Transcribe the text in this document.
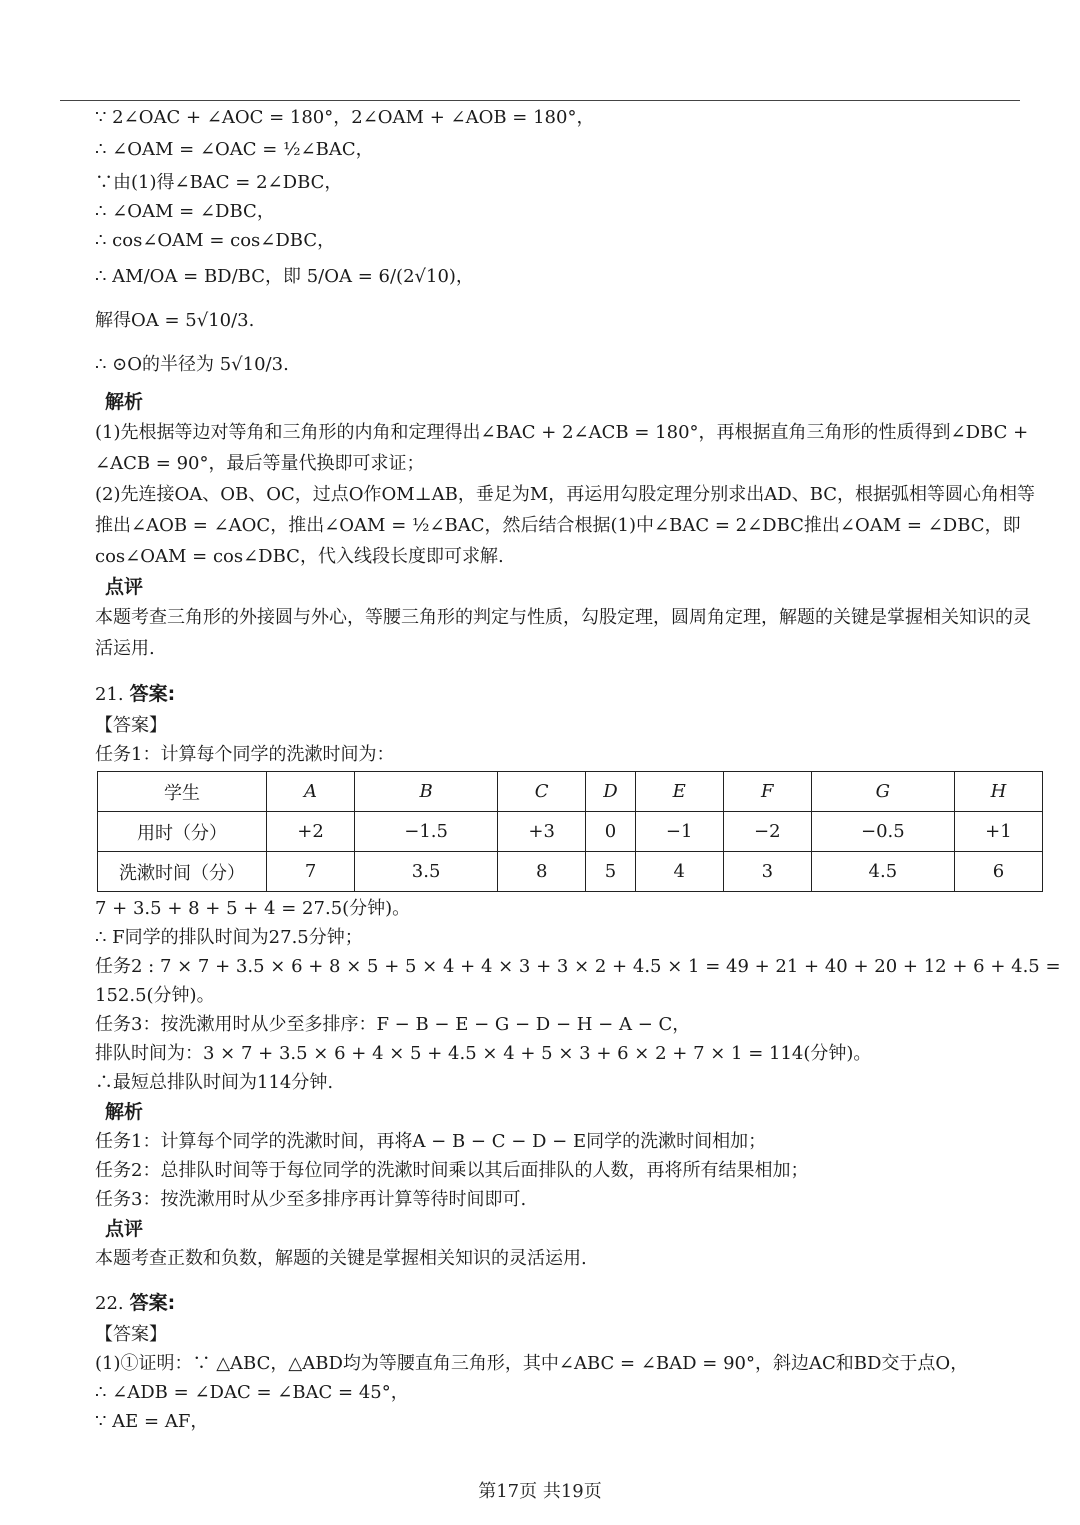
∵ 2∠OAC + ∠AOC = 180°，2∠OAM + ∠AOB = 180°，
∴ ∠OAM = ∠OAC = ½∠BAC，
∵由(1)得∠BAC = 2∠DBC，
∴ ∠OAM = ∠DBC，
∴ cos∠OAM = cos∠DBC，
∴ AM/OA = BD/BC，即 5/OA = 6/(2√10)，
解得OA = 5√10/3.
∴ ⊙O的半径为 5√10/3.
解析
(1)先根据等边对等角和三角形的内角和定理得出∠BAC + 2∠ACB = 180°，再根据直角三角形的性质得到∠DBC + ∠ACB = 90°，最后等量代换即可求证；
(2)先连接OA、OB、OC，过点O作OM⊥AB，垂足为M，再运用勾股定理分别求出AD、BC，根据弧相等圆心角相等推出∠AOB = ∠AOC，推出∠OAM = ½∠BAC，然后结合根据(1)中∠BAC = 2∠DBC推出∠OAM = ∠DBC，即cos∠OAM = cos∠DBC，代入线段长度即可求解.
点评
本题考查三角形的外接圆与外心，等腰三角形的判定与性质，勾股定理，圆周角定理，解题的关键是掌握相关知识的灵活运用.
21. 答案:
【答案】
任务1：计算每个同学的洗漱时间为：
学生	A	B	C	D	E	F	G	H
用时（分）	+2	−1.5	+3	0	−1	−2	−0.5	+1
洗漱时间（分）	7	3.5	8	5	4	3	4.5	6
7 + 3.5 + 8 + 5 + 4 = 27.5(分钟)。
∴ F同学的排队时间为27.5分钟；
任务2 : 7 × 7 + 3.5 × 6 + 8 × 5 + 5 × 4 + 4 × 3 + 3 × 2 + 4.5 × 1 = 49 + 21 + 40 + 20 + 12 + 6 + 4.5 =
152.5(分钟)。
任务3：按洗漱用时从少至多排序：F − B − E − G − D − H − A − C，
排队时间为：3 × 7 + 3.5 × 6 + 4 × 5 + 4.5 × 4 + 5 × 3 + 6 × 2 + 7 × 1 = 114(分钟)。
∴最短总排队时间为114分钟.
解析
任务1：计算每个同学的洗漱时间，再将A − B − C − D − E同学的洗漱时间相加；
任务2：总排队时间等于每位同学的洗漱时间乘以其后面排队的人数，再将所有结果相加；
任务3：按洗漱用时从少至多排序再计算等待时间即可.
点评
本题考查正数和负数，解题的关键是掌握相关知识的灵活运用.
22. 答案:
【答案】
(1)①证明：∵ △ABC，△ABD均为等腰直角三角形，其中∠ABC = ∠BAD = 90°，斜边AC和BD交于点O，
∴ ∠ADB = ∠DAC = ∠BAC = 45°，
∵ AE = AF，
第17页 共19页
